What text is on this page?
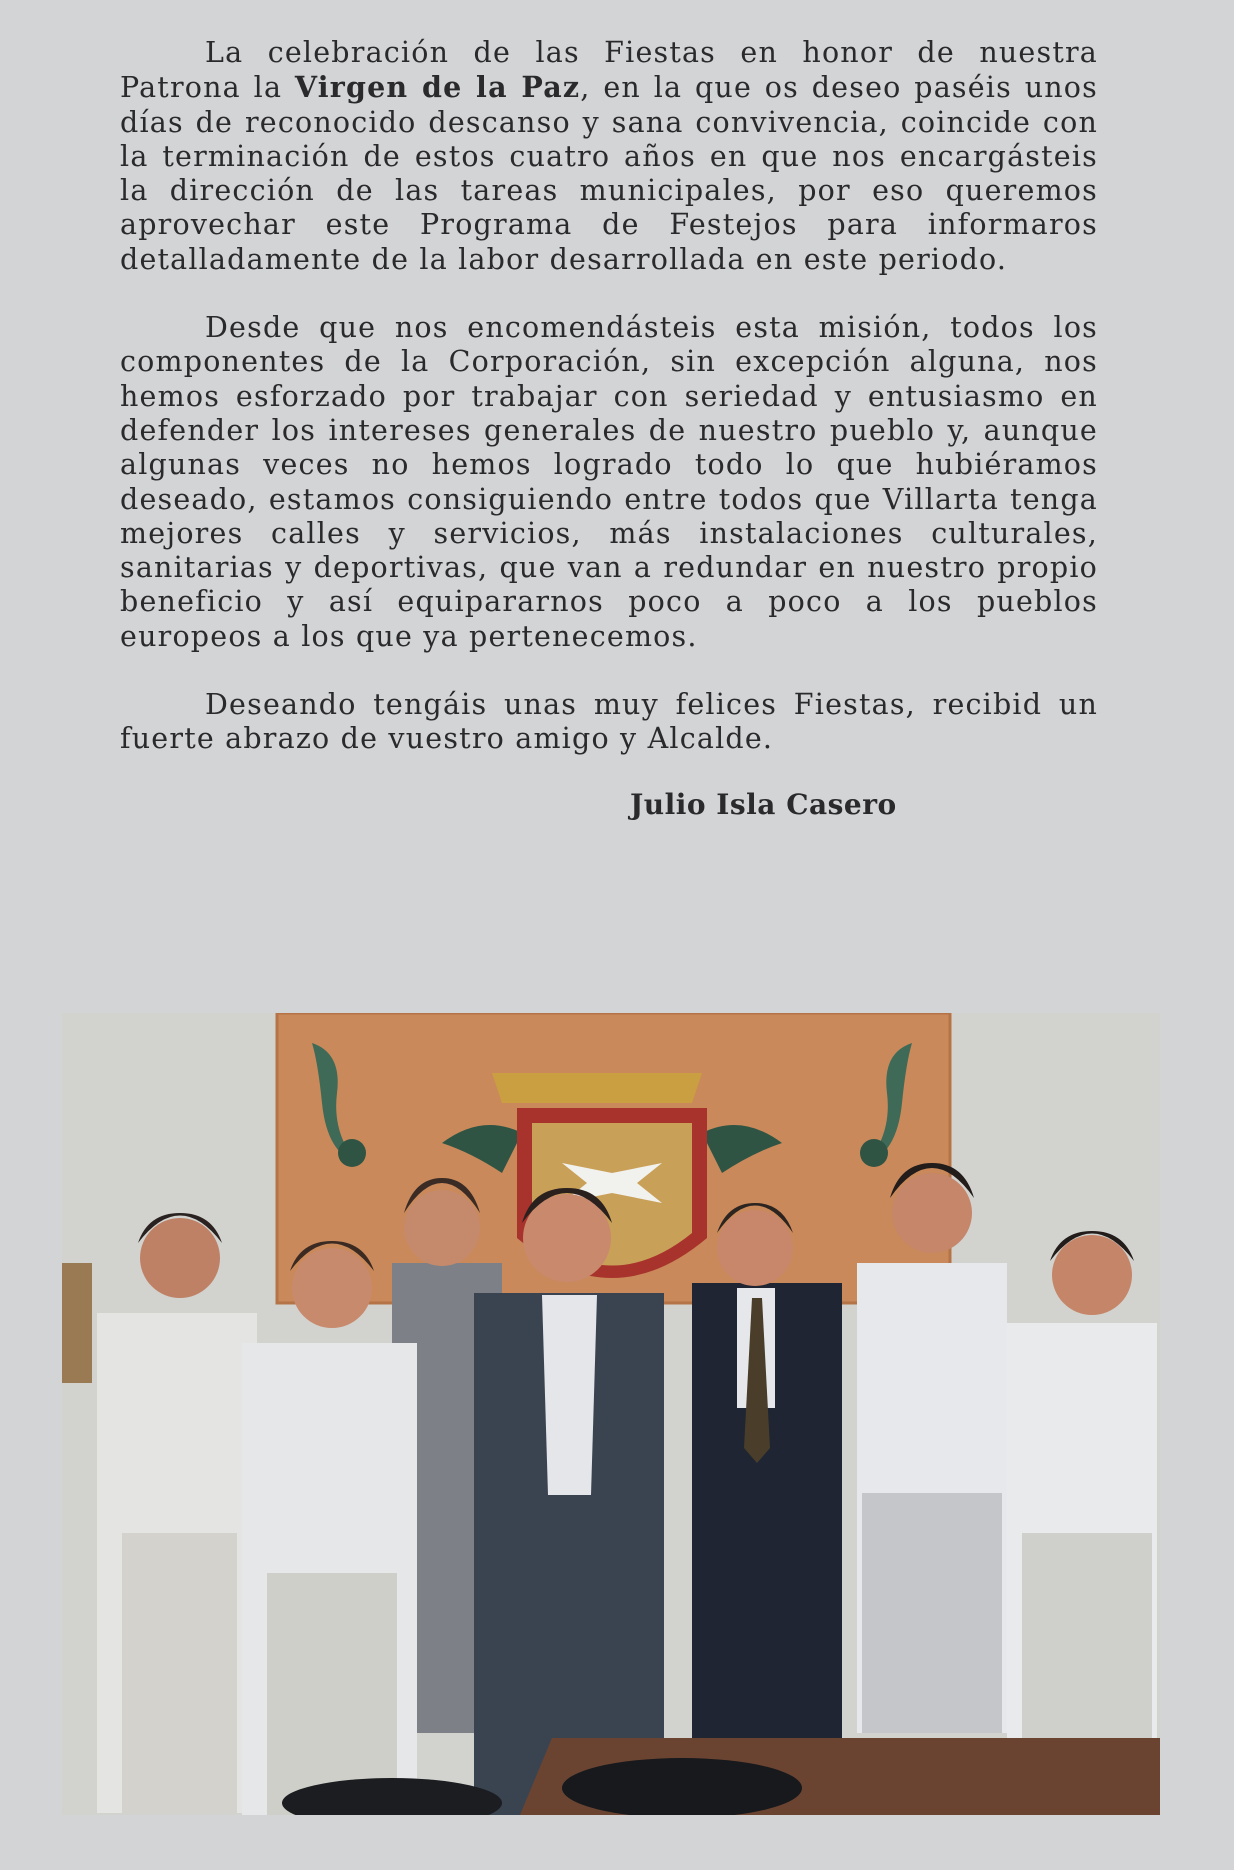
La celebración de las Fiestas en honor de nuestra Patrona la Virgen de la Paz, en la que os deseo paséis unos días de reconocido descanso y sana convivencia, coincide con la terminación de estos cuatro años en que nos encargásteis la dirección de las tareas municipales, por eso queremos aprovechar este Programa de Festejos para informaros detalladamente de la labor desarrollada en este periodo.

Desde que nos encomendásteis esta misión, todos los componentes de la Corporación, sin excepción alguna, nos hemos esforzado por trabajar con seriedad y entusiasmo en defender los intereses generales de nuestro pueblo y, aunque algunas veces no hemos logrado todo lo que hubiéramos deseado, estamos consiguiendo entre todos que Villarta tenga mejores calles y servicios, más instalaciones culturales, sanitarias y deportivas, que van a redundar en nuestro propio beneficio y así equipararnos poco a poco a los pueblos europeos a los que ya pertenecemos.

Deseando tengáis unas muy felices Fiestas, recibid un fuerte abrazo de vuestro amigo y Alcalde.

Julio Isla Casero
